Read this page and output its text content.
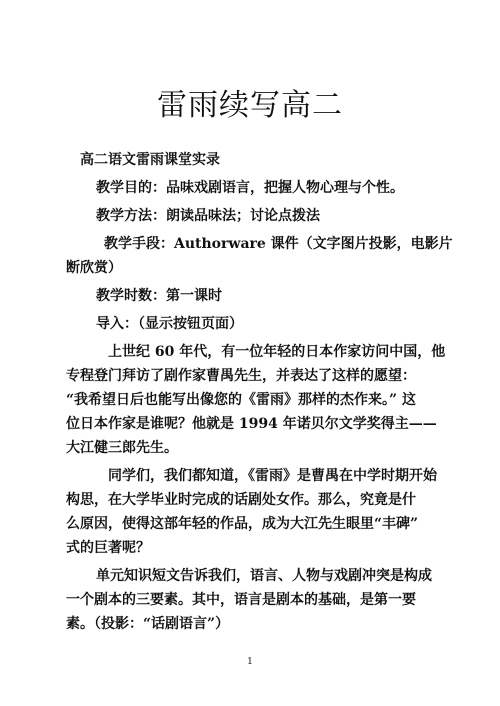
雷雨续写高二
高二语文雷雨课堂实录
教学目的：品味戏剧语言，把握人物心理与个性。
教学方法：朗读品味法；讨论点拨法
教学手段：Authorware 课件（文字图片投影，电影片
断欣赏）
教学时数：第一课时
导入：（显示按钮页面）
上世纪 60 年代，有一位年轻的日本作家访问中国，他
专程登门拜访了剧作家曹禺先生，并表达了这样的愿望：
“我希望日后也能写出像您的《雷雨》那样的杰作来。” 这
位日本作家是谁呢？他就是 1994 年诺贝尔文学奖得主——
大江健三郎先生。
同学们，我们都知道，《雷雨》是曹禺在中学时期开始
构思，在大学毕业时完成的话剧处女作。那么，究竟是什
么原因，使得这部年轻的作品，成为大江先生眼里“丰碑”
式的巨著呢？
单元知识短文告诉我们，语言、人物与戏剧冲突是构成
一个剧本的三要素。其中，语言是剧本的基础，是第一要
素。（投影：“话剧语言”）
1
